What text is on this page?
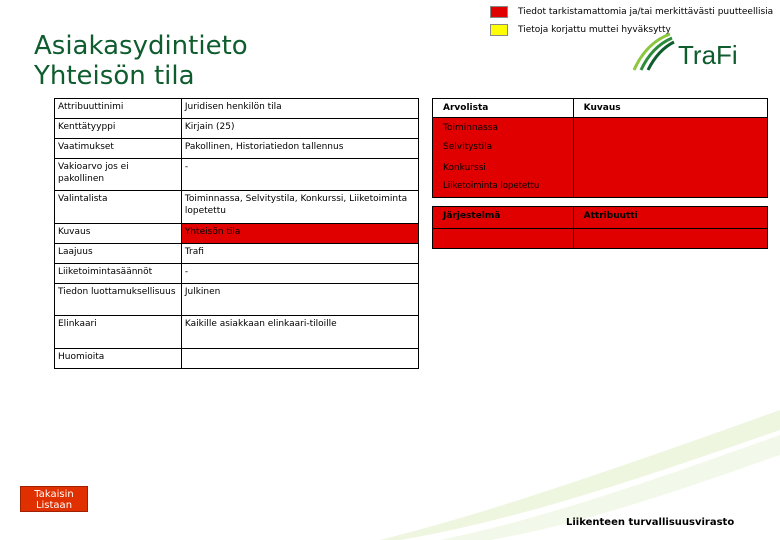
Tiedot tarkistamattomia ja/tai merkittävästi puutteellisia
Tietoja korjattu muttei hyväksytty
Asiakasydintieto
Yhteisön tila
TraFi
Attribuuttinimi	Juridisen henkilön tila
Kenttätyyppi	Kirjain (25)
Vaatimukset	Pakollinen, Historiatiedon tallennus
Vakioarvo jos ei pakollinen	-
Valintalista	Toiminnassa, Selvitystila, Konkurssi, Liiketoiminta lopetettu
Kuvaus	Yhteisön tila
Laajuus	Trafi
Liiketoimintasäännöt	-
Tiedon luottamuksellisuus	Julkinen
Elinkaari	Kaikille asiakkaan elinkaari-tiloille
Huomioita	
Arvolista	Kuvaus

Toiminnassa
Selvitystila
Konkurssi
Liiketoiminta lopetettu	

Järjestelmä	Attribuutti

Takaisin
Listaan
Liikenteen turvallisuusvirasto
